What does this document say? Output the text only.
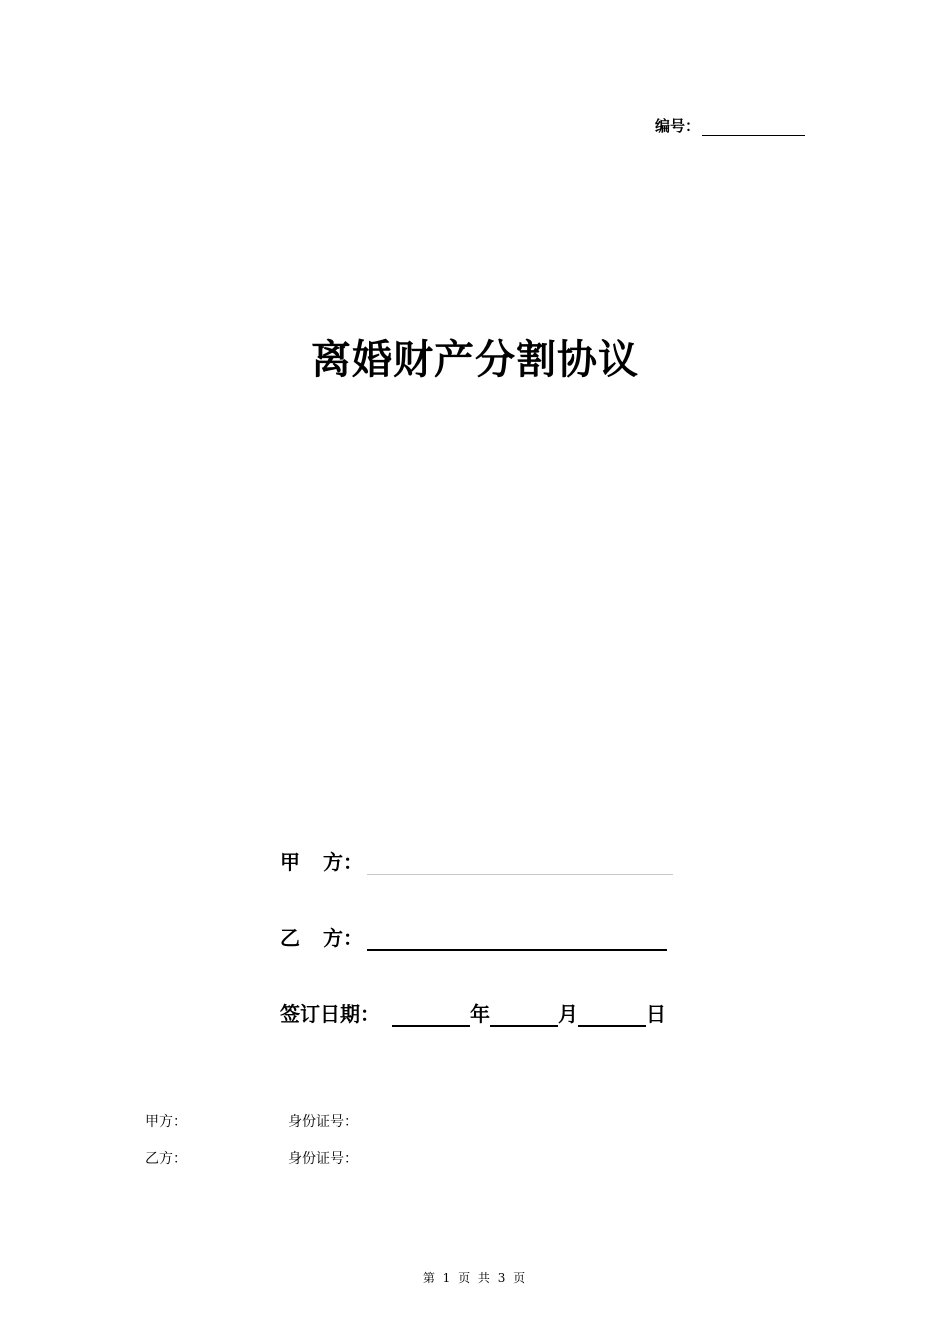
编号：
离婚财产分割协议
甲	方：
乙	方：
签订日期：	年	月	日
甲方：	身份证号：
乙方：	身份证号：
第 1 页 共 3 页
